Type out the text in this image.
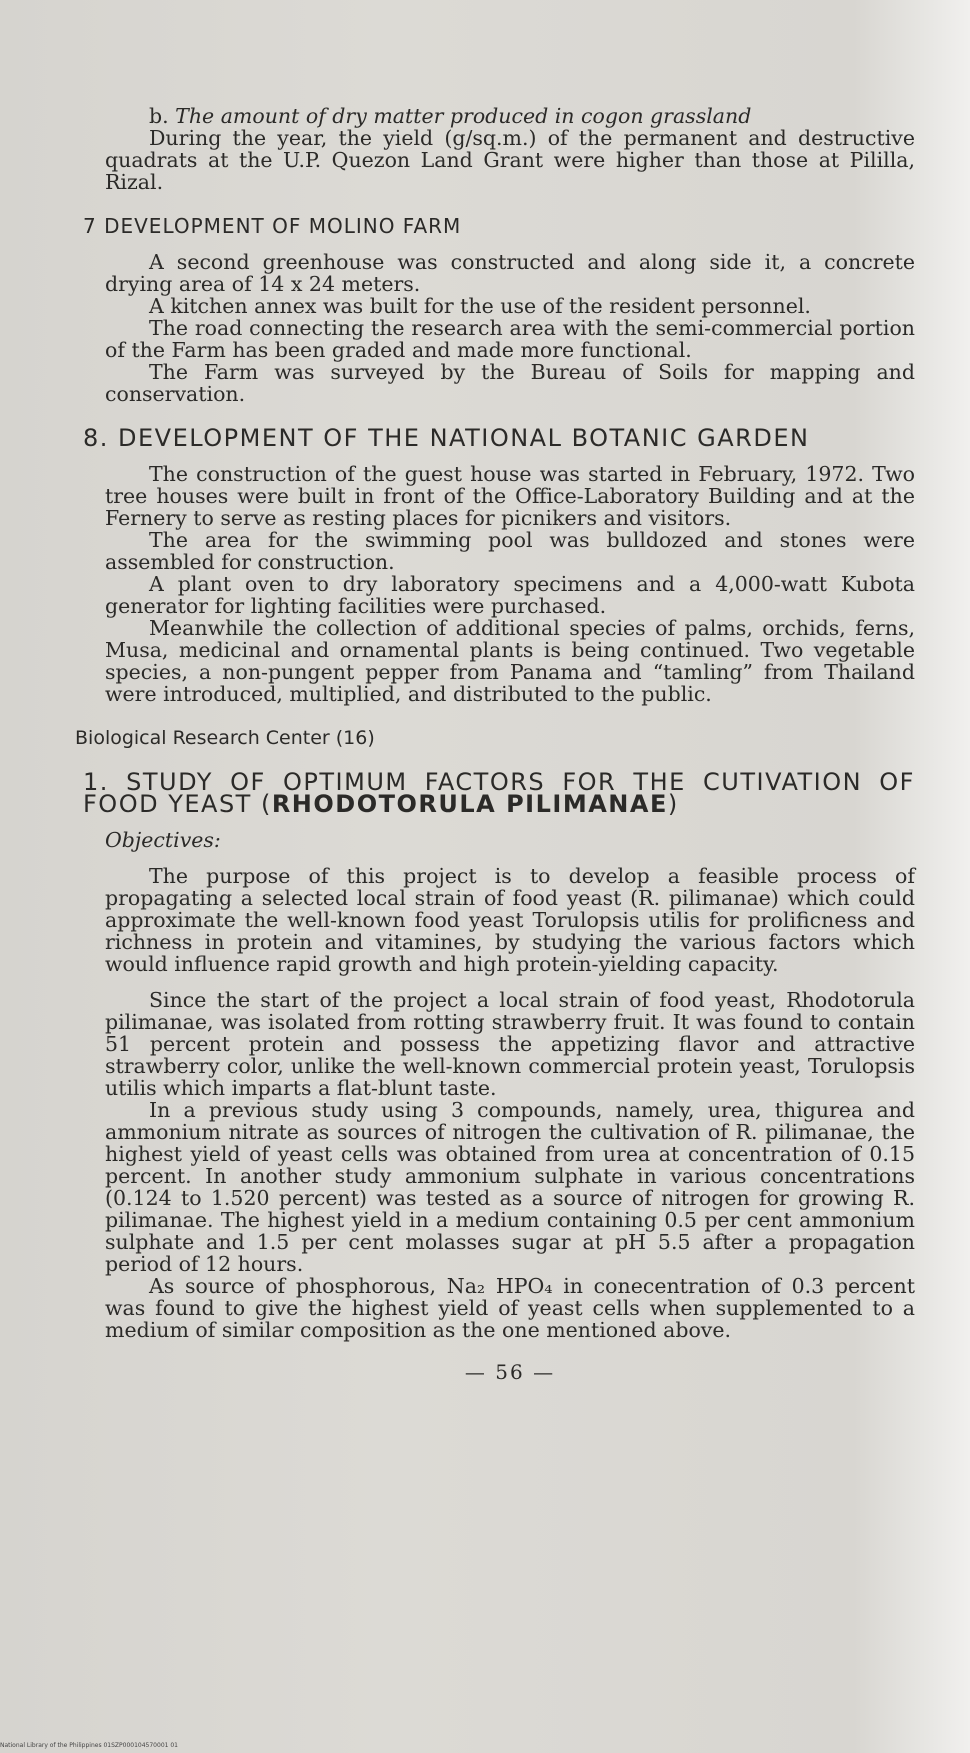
b. The amount of dry matter produced in cogon grassland

During the year, the yield (g/sq.m.) of the permanent and destructive quadrats at the U.P. Quezon Land Grant were higher than those at Pililla, Rizal.

7 DEVELOPMENT OF MOLINO FARM

A second greenhouse was constructed and along side it, a concrete drying area of 14 x 24 meters.

A kitchen annex was built for the use of the resident personnel.

The road connecting the research area with the semi-commercial portion of the Farm has been graded and made more functional.

The Farm was surveyed by the Bureau of Soils for mapping and conservation.

8. DEVELOPMENT OF THE NATIONAL BOTANIC GARDEN

The construction of the guest house was started in February, 1972. Two tree houses were built in front of the Office-Laboratory Building and at the Fernery to serve as resting places for picnikers and visitors.

The area for the swimming pool was bulldozed and stones were assembled for construction.

A plant oven to dry laboratory specimens and a 4,000-watt Kubota generator for lighting facilities were purchased.

Meanwhile the collection of additional species of palms, orchids, ferns, Musa, medicinal and ornamental plants is being continued. Two vegetable species, a non-pungent pepper from Panama and “tamling” from Thailand were introduced, multiplied, and distributed to the public.

Biological Research Center (16)

1. STUDY OF OPTIMUM FACTORS FOR THE CUTIVATION OF FOOD YEAST (RHODOTORULA PILIMANAE)

Objectives:

The purpose of this project is to develop a feasible process of propagating a selected local strain of food yeast (R. pilimanae) which could approximate the well-known food yeast Torulopsis utilis for prolificness and richness in protein and vitamines, by studying the various factors which would influence rapid growth and high protein-yielding capacity.

Since the start of the project a local strain of food yeast, Rhodotorula pilimanae, was isolated from rotting strawberry fruit. It was found to contain 51 percent protein and possess the appetizing flavor and attractive strawberry color, unlike the well-known commercial protein yeast, Torulopsis utilis which imparts a flat-blunt taste.

In a previous study using 3 compounds, namely, urea, thigurea and ammonium nitrate as sources of nitrogen the cultivation of R. pilimanae, the highest yield of yeast cells was obtained from urea at concentration of 0.15 percent. In another study ammonium sulphate in various concentrations (0.124 to 1.520 percent) was tested as a source of nitrogen for growing R. pilimanae. The highest yield in a medium containing 0.5 per cent ammonium sulphate and 1.5 per cent molasses sugar at pH 5.5 after a propagation period of 12 hours.

As source of phosphorous, Na₂ HPO₄ in conecentration of 0.3 percent was found to give the highest yield of yeast cells when supplemented to a medium of similar composition as the one mentioned above.

— 56 —

National Library of the Philippines 01SZP000104570001 01
